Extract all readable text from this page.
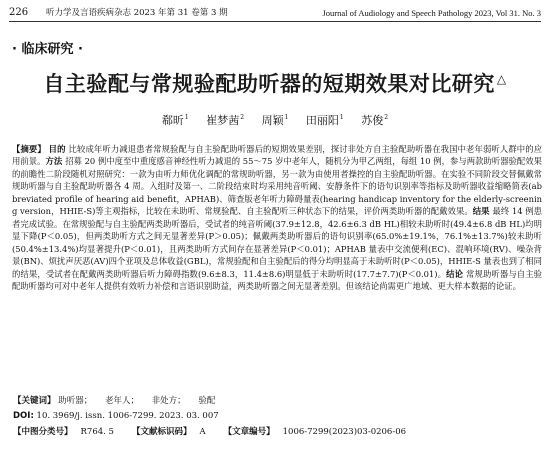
226 听力学及言语疾病杂志 2023 年第 31 卷第 3 期	Journal of Audiology and Speech Pathology 2023, Vol 31. No. 3
· 临床研究 ·
自主验配与常规验配助听器的短期效果对比研究 △
郗昕$^1$ 崔梦茜$^2$ 周颖$^1$ 田丽阳$^1$ 苏俊$^2$
【摘要】 目的 比较成年听力减退患者常规验配与自主验配助听器后的短期效果差别，探讨非处方自主验配助听器在我国中老年弱听人群中的应用前景。方法 招募 20 例中度至中重度感音神经性听力减退的 55～75 岁中老年人，随机分为甲乙两组，每组 10 例，参与两款助听器验配效果的前瞻性二阶段随机对照研究：一款为由听力师优化调配的常规助听器，另一款为由使用者操控的自主验配助听器。在实验不同阶段交替佩戴常规助听器与自主验配助听器各 4 周。入组时及第一、二阶段结束时均采用纯音听阈、安静条件下的语句识别率等指标及助听器收益缩略简表(abbreviated profile of hearing aid benefit，APHAB)、筛查版老年听力障碍量表(hearing handicap inventory for the elderly-screening version，HHIE-S)等主观指标，比较在未助听、常规验配、自主验配听三种状态下的结果，评价两类助听器的配戴效果。结果 最终 14 例患者完成试验。在常规验配与自主验配两类助听器后，受试者的纯音听阈(37.9±12.8，42.6±6.3 dB HL)相较未助听时(49.4±6.8 dB HL)均明显下降(P＜0.05)，但两类助听方式之间无显著差异(P＞0.05)；佩戴两类助听器后的语句识别率(65.0%±19.1%，76.1%±13.7%)较未助听(50.4%±13.4%)均显著提升(P＜0.01)，且两类助听方式间存在显著差异(P＜0.01)；APHAB 量表中交流便利(EC)、混响环境(RV)、噪杂背景(BN)、烦扰声厌恶(AV)四个亚项及总体收益(GBL)，常规验配和自主验配后的得分均明显高于未助听时(P＜0.05)，HHIE-S 量表也到了相同的结果，受试者在配戴两类助听器后听力障碍指数(9.6±8.3，11.4±8.6)明显低于未助听时(17.7±7.7)(P＜0.01)。结论 常规助听器与自主验配助听器均可对中老年人提供有效听力补偿和言语识别助益，两类助听器之间无显著差别。但该结论尚需更广地域、更大样本数据的论证。
【关键词】 助听器； 老年人； 非处方； 验配
DOI: 10. 3969/j. issn. 1006-7299. 2023. 03. 007
【中图分类号】 R764. 5 【文献标识码】 A 【文章编号】 1006-7299(2023)03-0206-06
